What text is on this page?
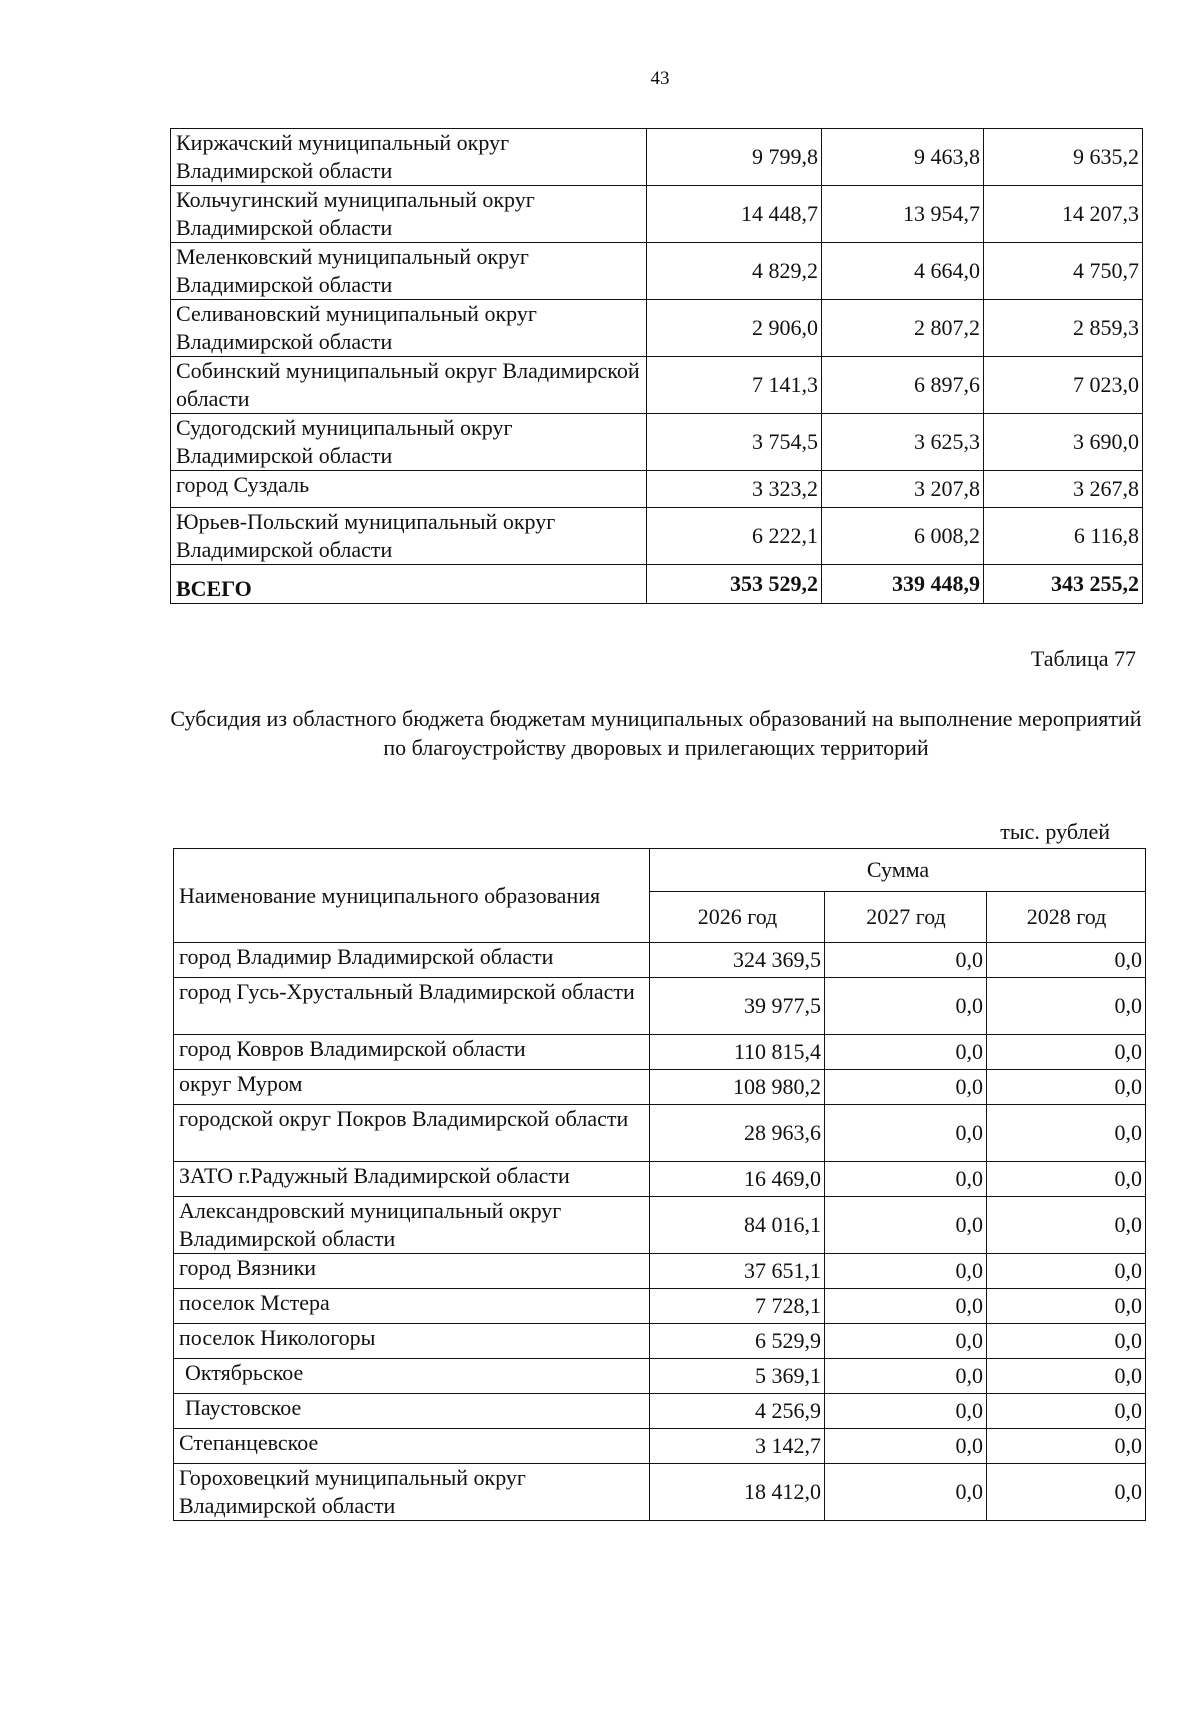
43
Киржачский муниципальный округ Владимирской области	9 799,8	9 463,8	9 635,2
Кольчугинский муниципальный округ Владимирской области	14 448,7	13 954,7	14 207,3
Меленковский муниципальный округ Владимирской области	4 829,2	4 664,0	4 750,7
Селивановский муниципальный округ Владимирской области	2 906,0	2 807,2	2 859,3
Собинский муниципальный округ Владимирской области	7 141,3	6 897,6	7 023,0
Судогодский муниципальный округ Владимирской области	3 754,5	3 625,3	3 690,0
город Суздаль	3 323,2	3 207,8	3 267,8
Юрьев-Польский муниципальный округ Владимирской области	6 222,1	6 008,2	6 116,8
ВСЕГО	353 529,2	339 448,9	343 255,2
Таблица 77
Субсидия из областного бюджета бюджетам муниципальных образований на выполнение мероприятий по благоустройству дворовых и прилегающих территорий
тыс. рублей
Наименование муниципального образования	Сумма		
	2026 год	2027 год	2028 год
город Владимир Владимирской области	324 369,5	0,0	0,0
город Гусь-Хрустальный Владимирской области	39 977,5	0,0	0,0
город Ковров Владимирской области	110 815,4	0,0	0,0
округ Муром	108 980,2	0,0	0,0
городской округ Покров Владимирской области	28 963,6	0,0	0,0
ЗАТО г.Радужный Владимирской области	16 469,0	0,0	0,0
Александровский муниципальный округ Владимирской области	84 016,1	0,0	0,0
город Вязники	37 651,1	0,0	0,0
поселок Мстера	7 728,1	0,0	0,0
поселок Никологоры	6 529,9	0,0	0,0
Октябрьское	5 369,1	0,0	0,0
Паустовское	4 256,9	0,0	0,0
Степанцевское	3 142,7	0,0	0,0
Гороховецкий муниципальный округ Владимирской области	18 412,0	0,0	0,0
